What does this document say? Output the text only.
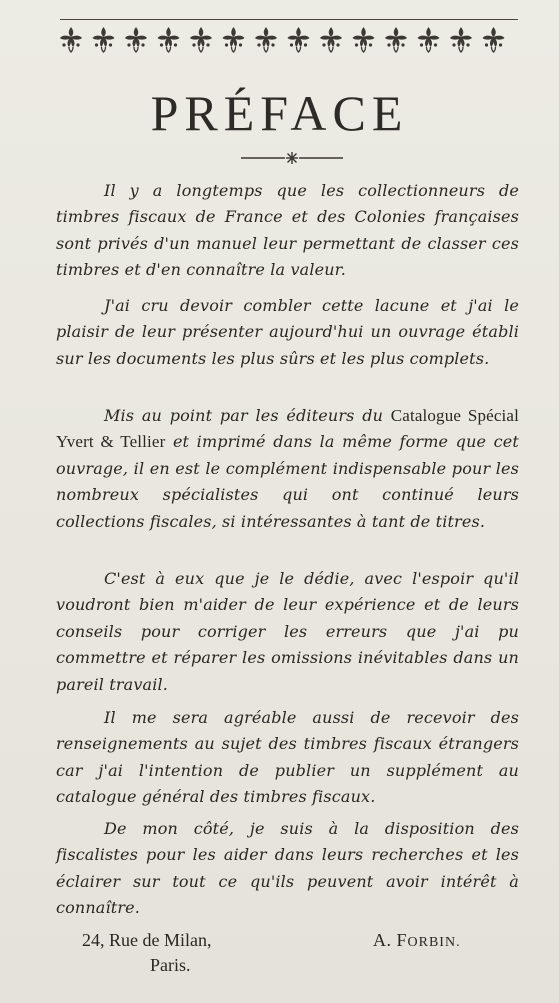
PRÉFACE

Il y a longtemps que les collectionneurs de timbres fiscaux de France et des Colonies françaises sont privés d'un manuel leur permettant de classer ces timbres et d'en connaître la valeur.

J'ai cru devoir combler cette lacune et j'ai le plaisir de leur présenter aujourd'hui un ouvrage établi sur les documents les plus sûrs et les plus complets.

Mis au point par les éditeurs du Catalogue Spécial Yvert & Tellier et imprimé dans la même forme que cet ouvrage, il en est le complément indispensable pour les nombreux spécialistes qui ont continué leurs collections fiscales, si intéressantes à tant de titres.

C'est à eux que je le dédie, avec l'espoir qu'il voudront bien m'aider de leur expérience et de leurs conseils pour corriger les erreurs que j'ai pu commettre et réparer les omissions inévitables dans un pareil travail.

Il me sera agréable aussi de recevoir des renseignements au sujet des timbres fiscaux étrangers car j'ai l'intention de publier un supplément au catalogue général des timbres fiscaux.

De mon côté, je suis à la disposition des fiscalistes pour les aider dans leurs recherches et les éclairer sur tout ce qu'ils peuvent avoir intérêt à connaître.

24, Rue de Milan,
Paris.
A. FORBIN.
